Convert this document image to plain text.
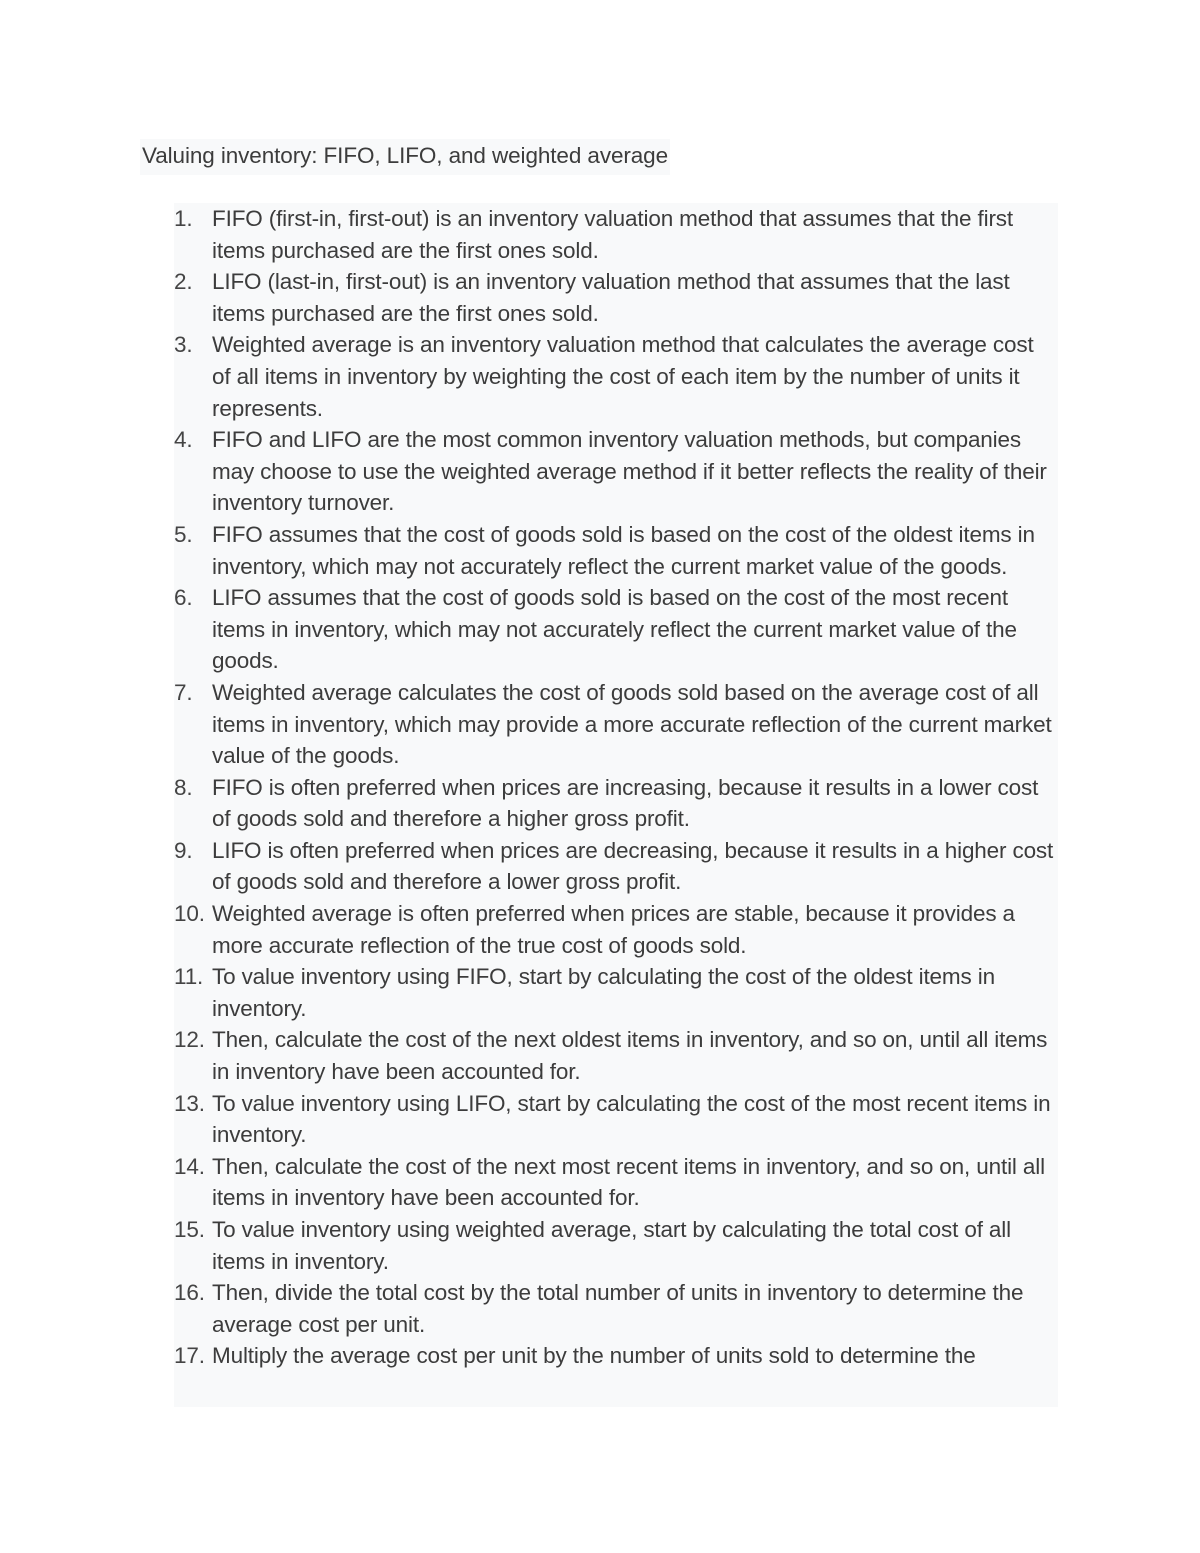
Valuing inventory: FIFO, LIFO, and weighted average
1. FIFO (first-in, first-out) is an inventory valuation method that assumes that the first items purchased are the first ones sold.
2. LIFO (last-in, first-out) is an inventory valuation method that assumes that the last items purchased are the first ones sold.
3. Weighted average is an inventory valuation method that calculates the average cost of all items in inventory by weighting the cost of each item by the number of units it represents.
4. FIFO and LIFO are the most common inventory valuation methods, but companies may choose to use the weighted average method if it better reflects the reality of their inventory turnover.
5. FIFO assumes that the cost of goods sold is based on the cost of the oldest items in inventory, which may not accurately reflect the current market value of the goods.
6. LIFO assumes that the cost of goods sold is based on the cost of the most recent items in inventory, which may not accurately reflect the current market value of the goods.
7. Weighted average calculates the cost of goods sold based on the average cost of all items in inventory, which may provide a more accurate reflection of the current market value of the goods.
8. FIFO is often preferred when prices are increasing, because it results in a lower cost of goods sold and therefore a higher gross profit.
9. LIFO is often preferred when prices are decreasing, because it results in a higher cost of goods sold and therefore a lower gross profit.
10. Weighted average is often preferred when prices are stable, because it provides a more accurate reflection of the true cost of goods sold.
11. To value inventory using FIFO, start by calculating the cost of the oldest items in inventory.
12. Then, calculate the cost of the next oldest items in inventory, and so on, until all items in inventory have been accounted for.
13. To value inventory using LIFO, start by calculating the cost of the most recent items in inventory.
14. Then, calculate the cost of the next most recent items in inventory, and so on, until all items in inventory have been accounted for.
15. To value inventory using weighted average, start by calculating the total cost of all items in inventory.
16. Then, divide the total cost by the total number of units in inventory to determine the average cost per unit.
17. Multiply the average cost per unit by the number of units sold to determine the
